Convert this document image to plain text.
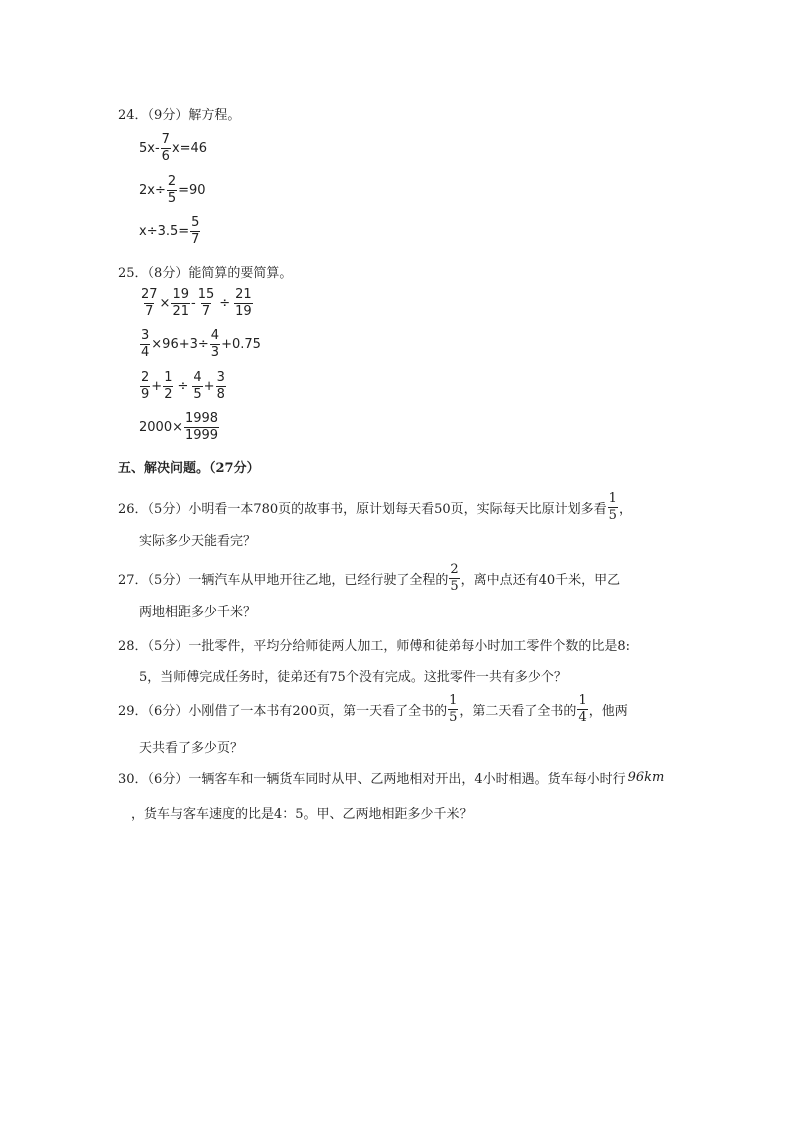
24．（9分）解方程。
$5x- \frac{7}{6} x=46$
$2x\div \frac{2}{5} =90$
$x\div 3.5= \frac{5}{7}$
25．（8分）能简算的要简算。
$\frac{27}{7} \times \frac{19}{21} - \frac{15}{7} \div \frac{21}{19}$
$\frac{3}{4} \times 96+3\div \frac{4}{3} +0.75$
$\frac{2}{9} + \frac{1}{2} \div \frac{4}{5} + \frac{3}{8}$
$2000\times \frac{1998}{1999}$
五、解决问题。（27分）
26．（5分）小明看一本780页的故事书，原计划每天看50页，实际每天比原计划多看 $\frac{1}{5}$ ，
实际多少天能看完？
27．（5分）一辆汽车从甲地开往乙地，已经行驶了全程的 $\frac{2}{5}$ ，离中点还有40千米，甲乙
两地相距多少千米？
28．（5分）一批零件，平均分给师徒两人加工，师傅和徒弟每小时加工零件个数的比是8:
5，当师傅完成任务时，徒弟还有75个没有完成。这批零件一共有多少个？
29．（6分）小刚借了一本书有200页，第一天看了全书的 $\frac{1}{5}$ ，第二天看了全书的 $\frac{1}{4}$ ，他两
天共看了多少页？
30．（6分）一辆客车和一辆货车同时从甲、乙两地相对开出，4小时相遇。货车每小时行 96km
，货车与客车速度的比是4：5。甲、乙两地相距多少千米？
